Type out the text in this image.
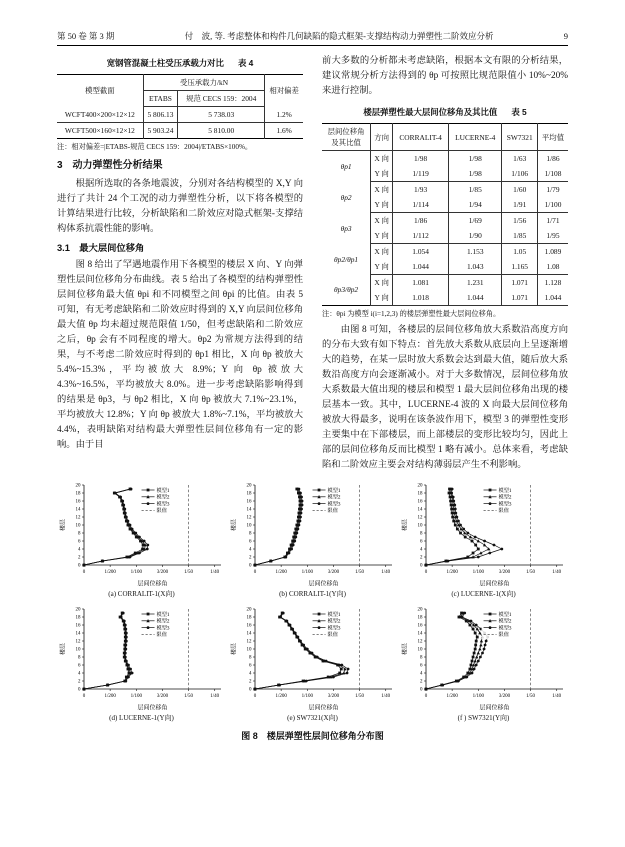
第 50 卷 第 3 期	付　波, 等. 考虑整体和构件几何缺陷的隐式框架-支撑结构动力弹塑性二阶效应分析	9
宽钢管混凝土柱受压承载力对比 表 4
模型截面	受压承载力/kN		相对偏差
	ETABS	规范 CECS 159：2004	
WCFT400×200×12×12	5 806.13	5 738.03	1.2%
WCFT500×160×12×12	5 903.24	5 810.00	1.6%
注：相对偏差=|ETABS-规范 CECS 159：2004|/ETABS×100%。
3　动力弹塑性分析结果

根据所选取的各条地震波，分别对各结构模型的 X,Y 向进行了共计 24 个工况的动力弹塑性分析，以下将各模型的计算结果进行比较，分析缺陷和二阶效应对隐式框架-支撑结构体系抗震性能的影响。

3.1　最大层间位移角

图 8 给出了罕遇地震作用下各模型的楼层 X 向、Y 向弹塑性层间位移角分布曲线。表 5 给出了各模型的结构弹塑性层间位移角最大值 θpi 和不同模型之间 θpi 的比值。由表 5 可知，有无考虑缺陷和二阶效应时得到的 X,Y 向层间位移角最大值 θp 均未超过规范限值 1/50，但考虑缺陷和二阶效应之后，θp 会有不同程度的增大。θp2 为常规方法得到的结果，与不考虑二阶效应时得到的 θp1 相比，X 向 θp 被放大 5.4%~15.3%，平均被放大 8.9%；Y 向 θp 被放大 4.3%~16.5%，平均被放大 8.0%。进一步考虑缺陷影响得到的结果是 θp3，与 θp2 相比，X 向 θp 被放大 7.1%~23.1%，平均被放大 12.8%；Y 向 θp 被放大 1.8%~7.1%，平均被放大 4.4%，表明缺陷对结构最大弹塑性层间位移角有一定的影响。由于目

前大多数的分析都未考虑缺陷，根据本文有限的分析结果，建议常规分析方法得到的 θp 可按照比规范限值小 10%~20% 来进行控制。

楼层弹塑性最大层间位移角及其比值 表 5
层间位移角
及其比值	方向	CORRALIT-4	LUCERNE-4	SW7321	平均值
θp1	X 向	1/98	1/98	1/63	1/86
	Y 向	1/119	1/98	1/106	1/108
θp2	X 向	1/93	1/85	1/60	1/79
	Y 向	1/114	1/94	1/91	1/100
θp3	X 向	1/86	1/69	1/56	1/71
	Y 向	1/112	1/90	1/85	1/95
θp2/θp1	X 向	1.054	1.153	1.05	1.089
	Y 向	1.044	1.043	1.165	1.08
θp3/θp2	X 向	1.081	1.231	1.071	1.128
	Y 向	1.018	1.044	1.071	1.044
注：θpi 为模型 i(i=1,2,3) 的楼层弹塑性最大层间位移角。

由图 8 可知，各楼层的层间位移角放大系数沿高度方向的分布大致有如下特点：首先放大系数从底层向上呈逐渐增大的趋势，在某一层时放大系数会达到最大值，随后放大系数沿高度方向会逐渐减小。对于大多数情况，层间位移角放大系数最大值出现的楼层和模型 1 最大层间位移角出现的楼层基本一致。其中，LUCERNE-4 波的 X 向最大层间位移角被放大得最多，说明在该条波作用下，模型 3 的弹塑性变形主要集中在下部楼层，而上部楼层的变形比较均匀，因此上部的层间位移角反而比模型 1 略有减小。总体来看，考虑缺陷和二阶效应主要会对结构薄弱层产生不利影响。

0
2
4
6
8
10
12
14
16
18
20
0	1/200	1/100	3/200	1/50	1/40
模型1
模型2
模型3
限值
楼层
层间位移角
(a) CORRALIT-1(X向)
0
2
4
6
8
10
12
14
16
18
20
0	1/200	1/100	3/200	1/50	1/40
模型1
模型2
模型3
限值
楼层
层间位移角
(b) CORRALIT-1(Y向)
0
2
4
6
8
10
12
14
16
18
20
0	1/200	1/100	3/200	1/50	1/40
模型1
模型2
模型3
限值
楼层
层间位移角
(c) LUCERNE-1(X向)
0
2
4
6
8
10
12
14
16
18
20
0	1/200	1/100	3/200	1/50	1/40
模型1
模型2
模型3
限值
楼层
层间位移角
(d) LUCERNE-1(Y向)
0
2
4
6
8
10
12
14
16
18
20
0	1/200	1/100	3/200	1/50	1/40
模型1
模型2
模型3
限值
楼层
层间位移角
(e) SW7321(X向)
0
2
4
6
8
10
12
14
16
18
20
0	1/200	1/100	3/200	1/50	1/40
模型1
模型2
模型3
限值
楼层
层间位移角
(f ) SW7321(Y向)
图 8　楼层弹塑性层间位移角分布图
